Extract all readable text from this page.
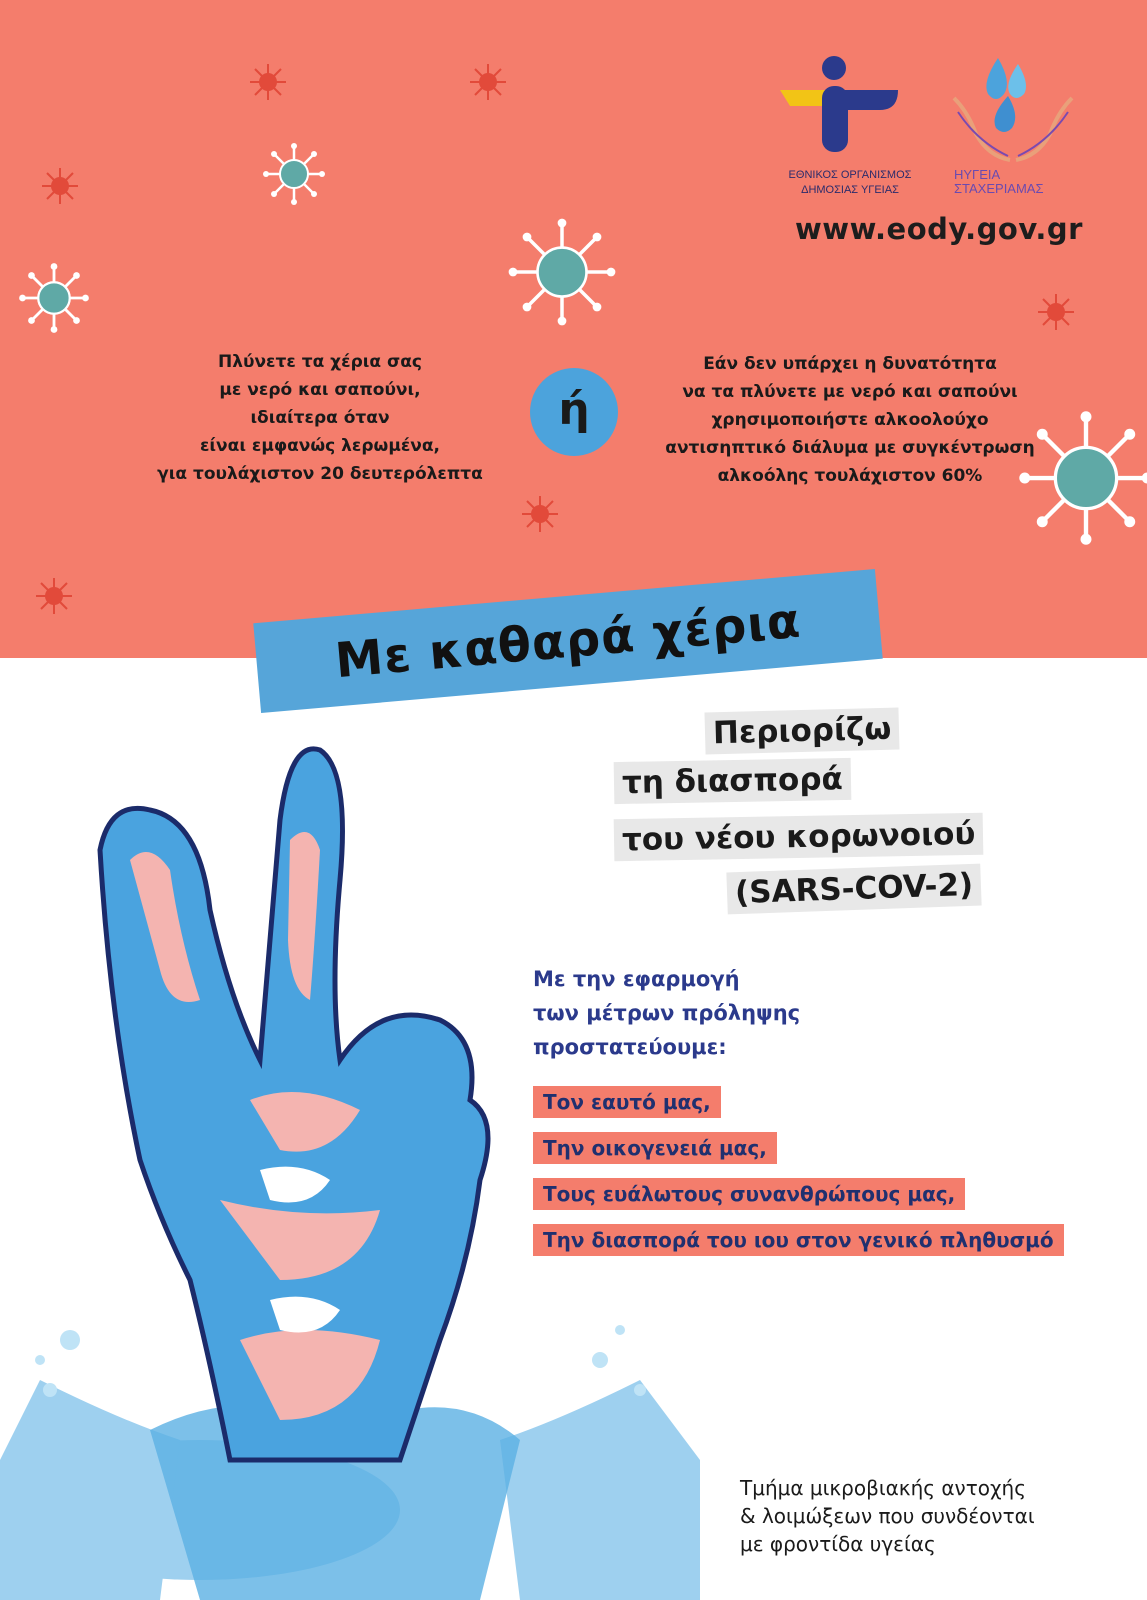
ΕΘΝΙΚΟΣ ΟΡΓΑΝΙΣΜΟΣ
ΔΗΜΟΣΙΑΣ ΥΓΕΙΑΣ
ΗΥΓΕΙΑ
ΣΤΑΧΕΡΙΑΜΑΣ
www.eody.gov.gr
Πλύνετε τα χέρια σας
με νερό και σαπούνι,
ιδιαίτερα όταν
είναι εμφανώς λερωμένα,
για τουλάχιστον 20 δευτερόλεπτα
ή
Εάν δεν υπάρχει η δυνατότητα
να τα πλύνετε με νερό και σαπούνι
χρησιμοποιήστε αλκοολούχο
αντισηπτικό διάλυμα με συγκέντρωση
αλκοόλης τουλάχιστον 60%
Με καθαρά χέρια
Περιορίζω
τη διασπορά
του νέου κορωνοιού
(SARS-COV-2)
Με την εφαρμογή
των μέτρων πρόληψης
προστατεύουμε:
Τον εαυτό μας,
Την οικογενειά μας,
Τους ευάλωτους συνανθρώπους μας,
Την διασπορά του ιου στον γενικό πληθυσμό
Τμήμα μικροβιακής αντοχής
& λοιμώξεων που συνδέονται
με φροντίδα υγείας
